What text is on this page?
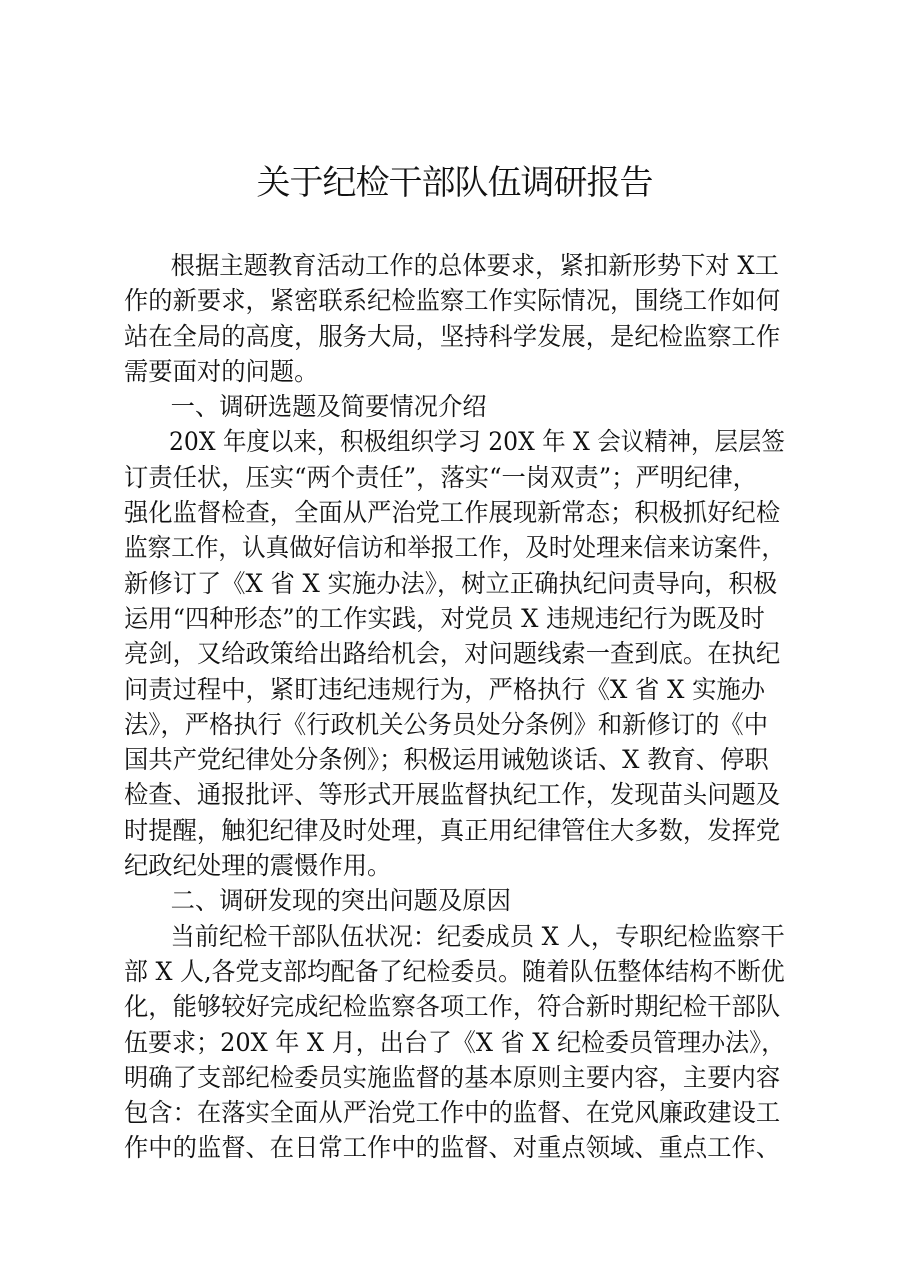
关于纪检干部队伍调研报告
根据主题教育活动工作的总体要求，紧扣新形势下对 X工
作的新要求，紧密联系纪检监察工作实际情况，围绕工作如何
站在全局的高度，服务大局，坚持科学发展，是纪检监察工作
需要面对的问题。
一、调研选题及简要情况介绍
20X 年度以来，积极组织学习 20X 年 X 会议精神，层层签
订责任状，压实“两个责任”，落实“一岗双责”；严明纪律，
强化监督检查，全面从严治党工作展现新常态；积极抓好纪检
监察工作，认真做好信访和举报工作，及时处理来信来访案件，
新修订了《X 省 X 实施办法》，树立正确执纪问责导向，积极
运用“四种形态”的工作实践，对党员 X 违规违纪行为既及时
亮剑，又给政策给出路给机会，对问题线索一查到底。在执纪
问责过程中，紧盯违纪违规行为，严格执行《X 省 X 实施办
法》，严格执行《行政机关公务员处分条例》和新修订的《中
国共产党纪律处分条例》；积极运用诫勉谈话、X 教育、停职
检查、通报批评、等形式开展监督执纪工作，发现苗头问题及
时提醒，触犯纪律及时处理，真正用纪律管住大多数，发挥党
纪政纪处理的震慑作用。
二、调研发现的突出问题及原因
当前纪检干部队伍状况：纪委成员 X 人，专职纪检监察干
部 X 人,各党支部均配备了纪检委员。随着队伍整体结构不断优
化，能够较好完成纪检监察各项工作，符合新时期纪检干部队
伍要求；20X 年 X 月，出台了《X 省 X 纪检委员管理办法》，
明确了支部纪检委员实施监督的基本原则主要内容，主要内容
包含：在落实全面从严治党工作中的监督、在党风廉政建设工
作中的监督、在日常工作中的监督、对重点领域、重点工作、
